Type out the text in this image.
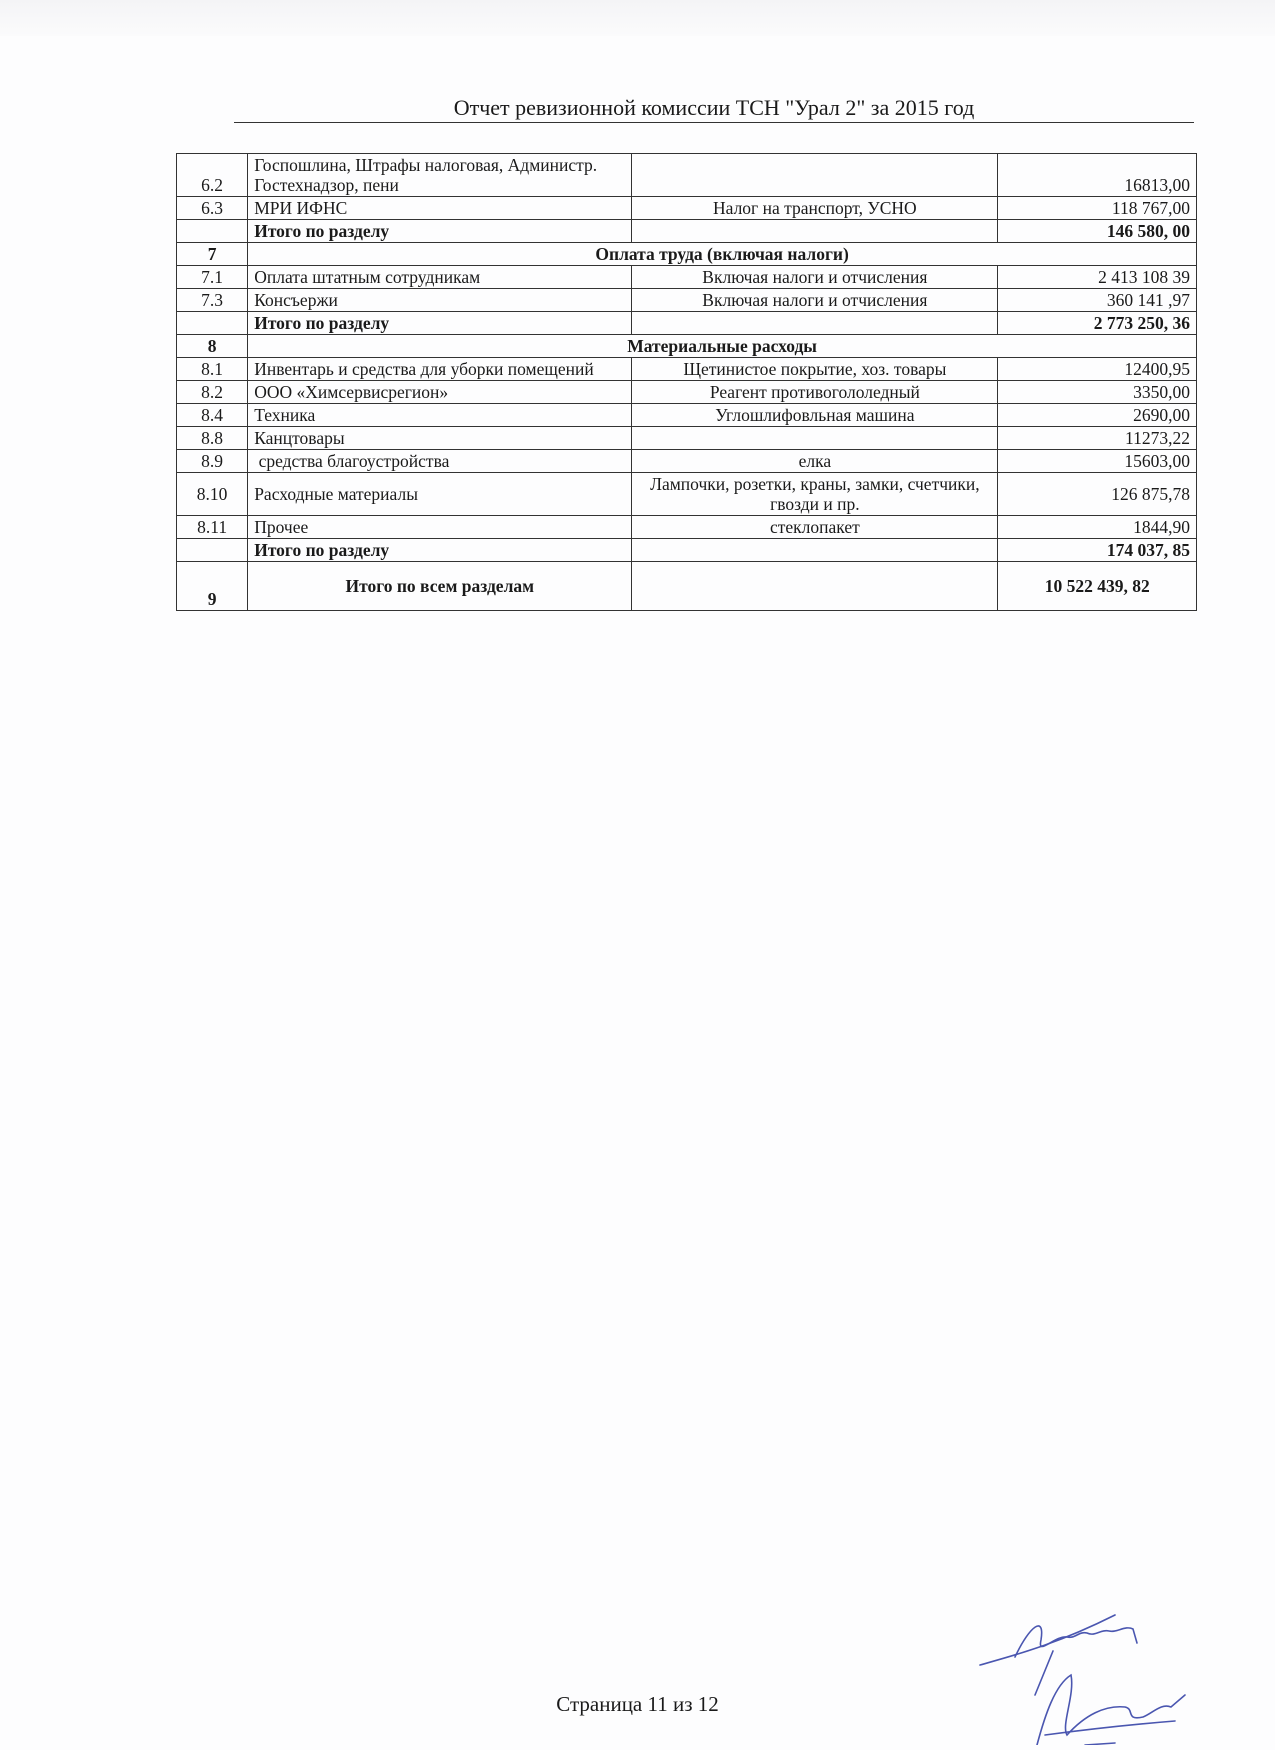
Отчет ревизионной комиссии ТСН "Урал 2" за 2015 год
6.2	Госпошлина, Штрафы налоговая, Администр. Гостехнадзор, пени		16813,00
6.3	МРИ ИФНС	Налог на транспорт, УСНО	118 767,00
	Итого по разделу		146 580, 00
7	Оплата труда (включая налоги)		
7.1	Оплата штатным сотрудникам	Включая налоги и отчисления	2 413 108 39
7.3	Консъержи	Включая налоги и отчисления	360 141 ,97
	Итого по разделу		2 773 250, 36
8	Материальные расходы		
8.1	Инвентарь и средства для уборки помещений	Щетинистое покрытие, хоз. товары	12400,95
8.2	ООО «Химсервисрегион»	Реагент противогололедный	3350,00
8.4	Техника	Углошлифовльная машина	2690,00
8.8	Канцтовары		11273,22
8.9	средства благоустройства	елка	15603,00
8.10	Расходные материалы	Лампочки, розетки, краны, замки, счетчики, гвозди и пр.	126 875,78
8.11	Прочее	стеклопакет	1844,90
	Итого по разделу		174 037, 85
9	Итого по всем разделам		10 522 439, 82
Страница 11 из 12
